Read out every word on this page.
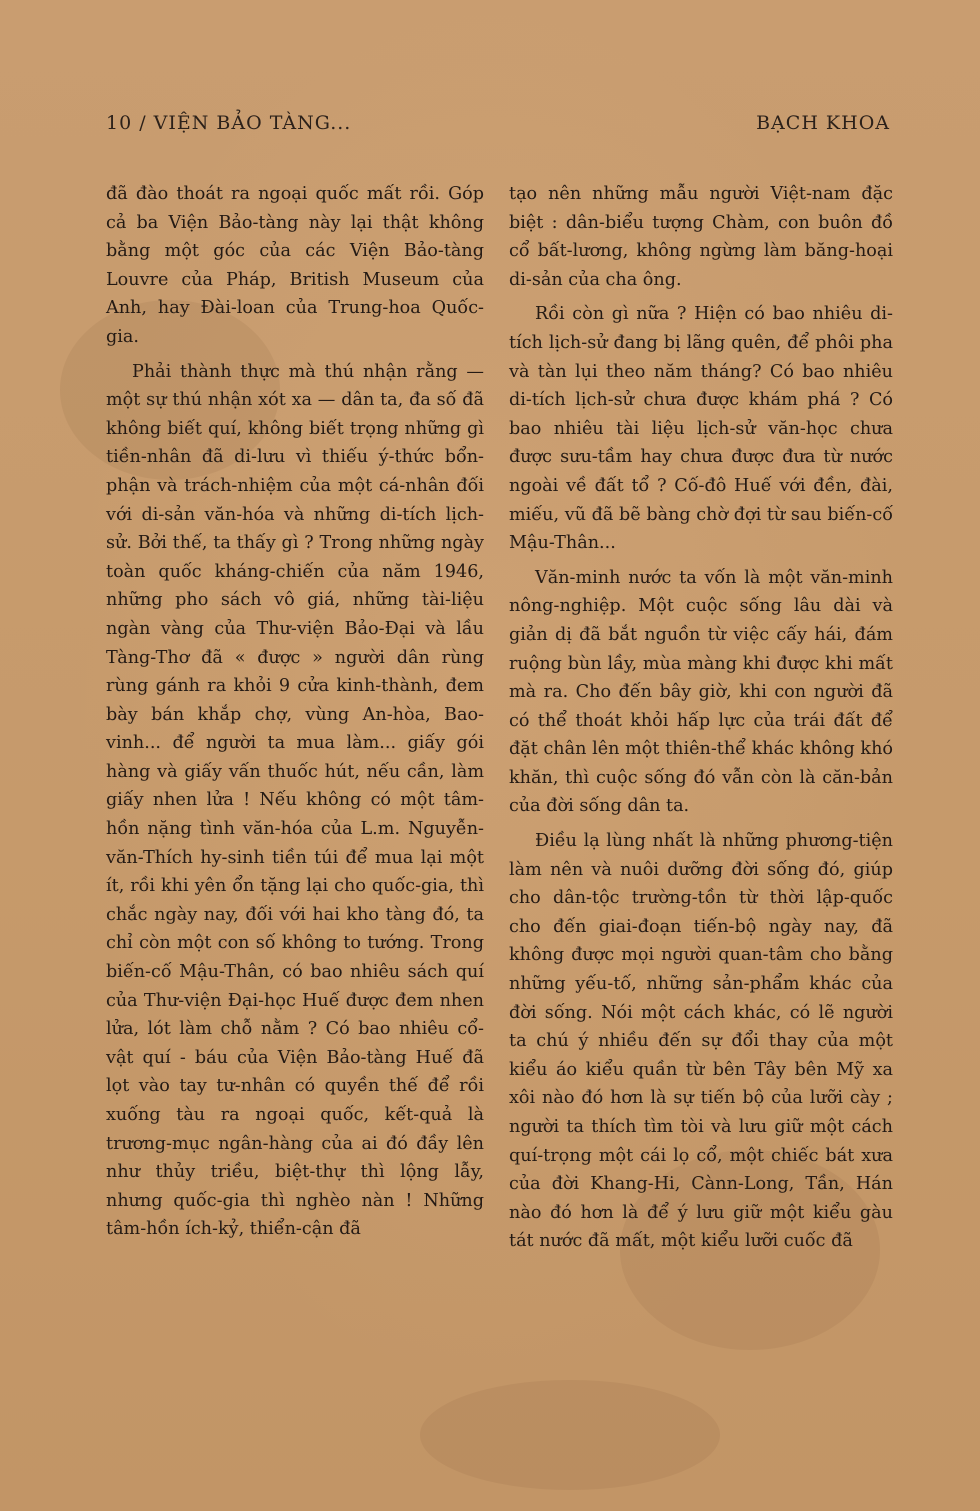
10 / VIỆN BẢO TÀNG...	BẠCH KHOA

đã đào thoát ra ngoại quốc mất rồi. Góp cả ba Viện Bảo-tàng này lại thật không bằng một góc của các Viện Bảo-tàng Louvre của Pháp, British Museum của Anh, hay Đài-loan của Trung-hoa Quốc-gia.

Phải thành thực mà thú nhận rằng — một sự thú nhận xót xa — dân ta, đa số đã không biết quí, không biết trọng những gì tiền-nhân đã di-lưu vì thiếu ý-thức bổn-phận và trách-nhiệm của một cá-nhân đối với di-sản văn-hóa và những di-tích lịch-sử. Bởi thế, ta thấy gì ? Trong những ngày toàn quốc kháng-chiến của năm 1946, những pho sách vô giá, những tài-liệu ngàn vàng của Thư-viện Bảo-Đại và lầu Tàng-Thơ đã « được » người dân rùng rùng gánh ra khỏi 9 cửa kinh-thành, đem bày bán khắp chợ, vùng An-hòa, Bao-vinh... để người ta mua làm... giấy gói hàng và giấy vấn thuốc hút, nếu cần, làm giấy nhen lửa ! Nếu không có một tâm-hồn nặng tình văn-hóa của L.m. Nguyễn-văn-Thích hy-sinh tiền túi để mua lại một ít, rồi khi yên ổn tặng lại cho quốc-gia, thì chắc ngày nay, đối với hai kho tàng đó, ta chỉ còn một con số không to tướng. Trong biến-cố Mậu-Thân, có bao nhiêu sách quí của Thư-viện Đại-học Huế được đem nhen lửa, lót làm chỗ nằm ? Có bao nhiêu cổ-vật quí - báu của Viện Bảo-tàng Huế đã lọt vào tay tư-nhân có quyền thế để rồi xuống tàu ra ngoại quốc, kết-quả là trương-mục ngân-hàng của ai đó đầy lên như thủy triều, biệt-thự thì lộng lẫy, nhưng quốc-gia thì nghèo nàn ! Những tâm-hồn ích-kỷ, thiển-cận đã

tạo nên những mẫu người Việt-nam đặc biệt : dân-biểu tượng Chàm, con buôn đồ cổ bất-lương, không ngừng làm băng-hoại di-sản của cha ông.

Rồi còn gì nữa ? Hiện có bao nhiêu di-tích lịch-sử đang bị lãng quên, để phôi pha và tàn lụi theo năm tháng? Có bao nhiêu di-tích lịch-sử chưa được khám phá ? Có bao nhiêu tài liệu lịch-sử văn-học chưa được sưu-tầm hay chưa được đưa từ nước ngoài về đất tổ ? Cố-đô Huế với đền, đài, miếu, vũ đã bẽ bàng chờ đợi từ sau biến-cố Mậu-Thân...

Văn-minh nước ta vốn là một văn-minh nông-nghiệp. Một cuộc sống lâu dài và giản dị đã bắt nguồn từ việc cấy hái, đám ruộng bùn lầy, mùa màng khi được khi mất mà ra. Cho đến bây giờ, khi con người đã có thể thoát khỏi hấp lực của trái đất để đặt chân lên một thiên-thể khác không khó khăn, thì cuộc sống đó vẫn còn là căn-bản của đời sống dân ta.

Điều lạ lùng nhất là những phương-tiện làm nên và nuôi dưỡng đời sống đó, giúp cho dân-tộc trường-tồn từ thời lập-quốc cho đến giai-đoạn tiến-bộ ngày nay, đã không được mọi người quan-tâm cho bằng những yếu-tố, những sản-phẩm khác của đời sống. Nói một cách khác, có lẽ người ta chú ý nhiều đến sự đổi thay của một kiểu áo kiểu quần từ bên Tây bên Mỹ xa xôi nào đó hơn là sự tiến bộ của lưỡi cày ; người ta thích tìm tòi và lưu giữ một cách quí-trọng một cái lọ cổ, một chiếc bát xưa của đời Khang-Hi, Cànn-Long, Tần, Hán nào đó hơn là để ý lưu giữ một kiểu gàu tát nước đã mất, một kiểu lưỡi cuốc đã
